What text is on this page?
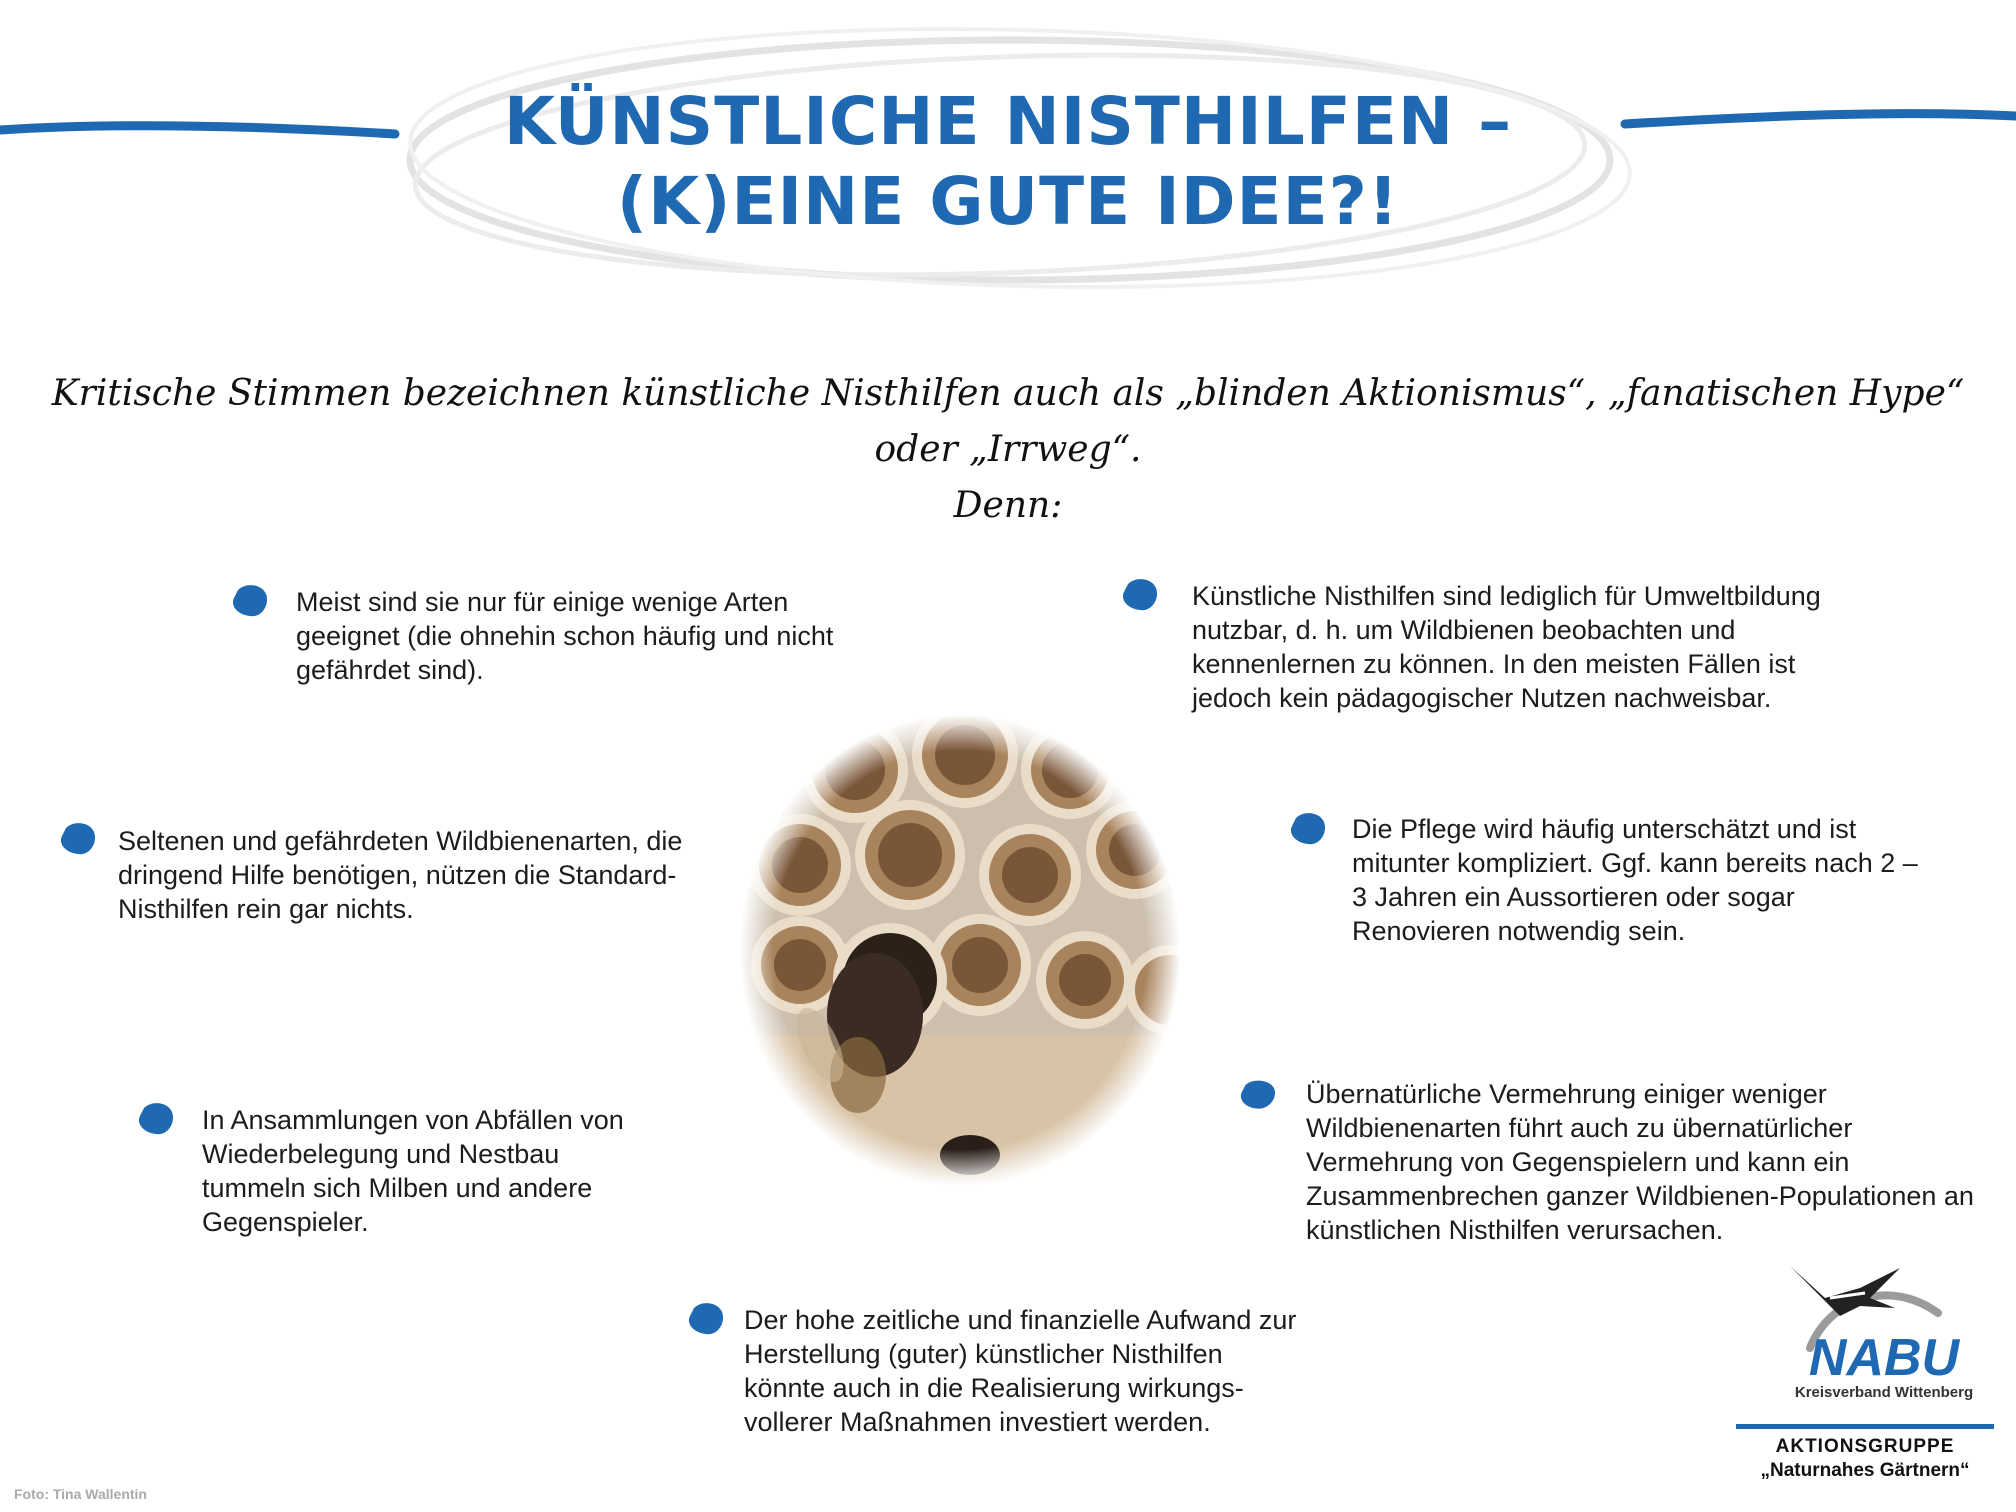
KÜNSTLICHE NISTHILFEN –
(K)EINE GUTE IDEE?!
Kritische Stimmen bezeichnen künstliche Nisthilfen auch als „blinden Aktionismus“, „fanatischen Hype“ oder „Irrweg“.
Denn:
Meist sind sie nur für einige wenige Arten geeignet (die ohnehin schon häufig und nicht gefährdet sind).
Künstliche Nisthilfen sind lediglich für Umweltbildung nutzbar, d. h. um Wildbienen beobachten und kennenlernen zu können. In den meisten Fällen ist jedoch kein pädagogischer Nutzen nachweisbar.
Seltenen und gefährdeten Wildbienenarten, die dringend Hilfe benötigen, nützen die Standard-Nisthilfen rein gar nichts.
Die Pflege wird häufig unterschätzt und ist mitunter kompliziert. Ggf. kann bereits nach 2 – 3 Jahren ein Aussortieren oder sogar Renovieren notwendig sein.
In Ansammlungen von Abfällen von Wiederbelegung und Nestbau tummeln sich Milben und andere Gegenspieler.
Übernatürliche Vermehrung einiger weniger Wildbienenarten führt auch zu übernatürlicher Vermehrung von Gegenspielern und kann ein Zusammenbrechen ganzer Wildbienen-Populationen an künstlichen Nisthilfen verursachen.
Der hohe zeitliche und finanzielle Aufwand zur Herstellung (guter) künstlicher Nisthilfen könnte auch in die Realisierung wirkungs-vollerer Maßnahmen investiert werden.
Foto: Tina Wallentin
NABU
Kreisverband Wittenberg
AKTIONSGRUPPE
„Naturnahes Gärtnern“
